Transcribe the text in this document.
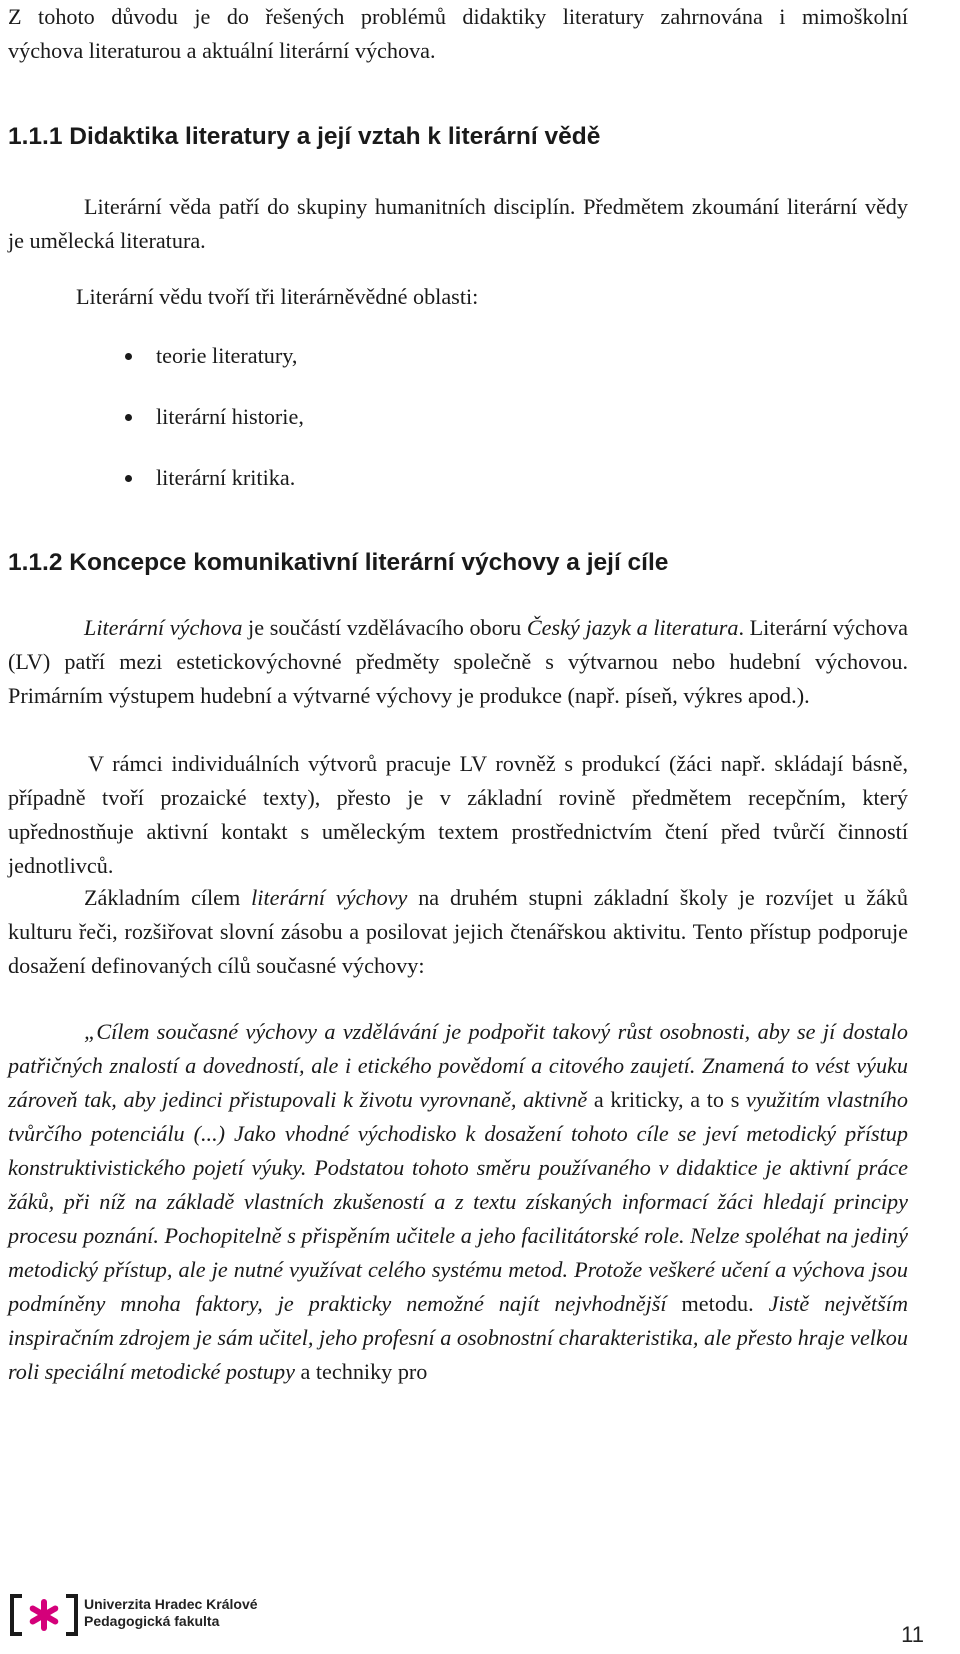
Z tohoto důvodu je do řešených problémů didaktiky literatury zahrnována i mimoškolní

výchova literaturou a aktuální literární výchova.

1.1.1 Didaktika literatury a její vztah k literární vědě

Literární věda patří do skupiny humanitních disciplín. Předmětem zkoumání literární vědy je umělecká literatura.

Literární vědu tvoří tři literárněvědné oblasti:

teorie literatury,
literární historie,
literární kritika.
1.1.2 Koncepce komunikativní literární výchovy a její cíle

Literární výchova je součástí vzdělávacího oboru Český jazyk a literatura. Literární výchova (LV) patří mezi estetickovýchovné předměty společně s výtvarnou nebo hudební výchovou. Primárním výstupem hudební a výtvarné výchovy je produkce (např. píseň, výkres apod.).

V rámci individuálních výtvorů pracuje LV rovněž s produkcí (žáci např. skládají básně, případně tvoří prozaické texty), přesto je v základní rovině předmětem recepčním, který upřednostňuje aktivní kontakt s uměleckým textem prostřednictvím čtení před tvůrčí činností jednotlivců.

Základním cílem literární výchovy na druhém stupni základní školy je rozvíjet u žáků kulturu řeči, rozšiřovat slovní zásobu a posilovat jejich čtenářskou aktivitu. Tento přístup podporuje dosažení definovaných cílů současné výchovy:

„Cílem současné výchovy a vzdělávání je podpořit takový růst osobnosti, aby se jí dostalo patřičných znalostí a dovedností, ale i etického povědomí a citového zaujetí. Znamená to vést výuku zároveň tak, aby jedinci přistupovali k životu vyrovnaně, aktivně a kriticky, a to s využitím vlastního tvůrčího potenciálu (...) Jako vhodné východisko k dosažení tohoto cíle se jeví metodický přístup konstruktivistického pojetí výuky. Podstatou tohoto směru používaného v didaktice je aktivní práce žáků, při níž na základě vlastních zkušeností a z textu získaných informací žáci hledají principy procesu poznání. Pochopitelně s přispěním učitele a jeho facilitátorské role. Nelze spoléhat na jediný metodický přístup, ale je nutné využívat celého systému metod. Protože veškeré učení a výchova jsou podmíněny mnoha faktory, je prakticky nemožné najít nejvhodnější metodu. Jistě největším inspiračním zdrojem je sám učitel, jeho profesní a osobnostní charakteristika, ale přesto hraje velkou roli speciální metodické postupy a techniky pro

Univerzita Hradec Králové
Pedagogická fakulta
11
